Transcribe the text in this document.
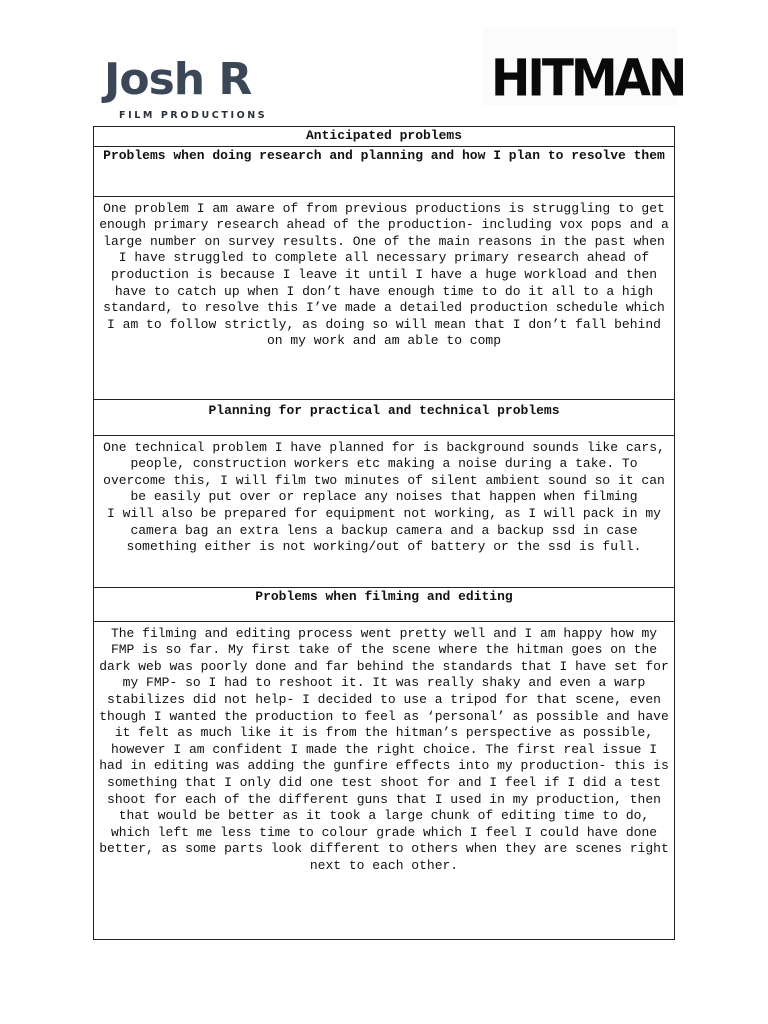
Josh R
FILM PRODUCTIONS
HITMAN
Anticipated problems
Problems when doing research and planning and how I plan to resolve them

One problem I am aware of from previous productions is struggling to get enough primary research ahead of the production- including vox pops and a large number on survey results. One of the main reasons in the past when I have struggled to complete all necessary primary research ahead of production is because I leave it until I have a huge workload and then have to catch up when I don’t have enough time to do it all to a high standard, to resolve this I’ve made a detailed production schedule which I am to follow strictly, as doing so will mean that I don’t fall behind on my work and am able to comp

Planning for practical and technical problems

One technical problem I have planned for is background sounds like cars, people, construction workers etc making a noise during a take. To overcome this, I will film two minutes of silent ambient sound so it can be easily put over or replace any noises that happen when filming
I will also be prepared for equipment not working, as I will pack in my camera bag an extra lens a backup camera and a backup ssd in case something either is not working/out of battery or the ssd is full.

Problems when filming and editing

The filming and editing process went pretty well and I am happy how my FMP is so far. My first take of the scene where the hitman goes on the dark web was poorly done and far behind the standards that I have set for my FMP- so I had to reshoot it. It was really shaky and even a warp stabilizes did not help- I decided to use a tripod for that scene, even though I wanted the production to feel as ‘personal’ as possible and have it felt as much like it is from the hitman’s perspective as possible, however I am confident I made the right choice. The first real issue I had in editing was adding the gunfire effects into my production- this is something that I only did one test shoot for and I feel if I did a test shoot for each of the different guns that I used in my production, then that would be better as it took a large chunk of editing time to do, which left me less time to colour grade which I feel I could have done better, as some parts look different to others when they are scenes right next to each other.
